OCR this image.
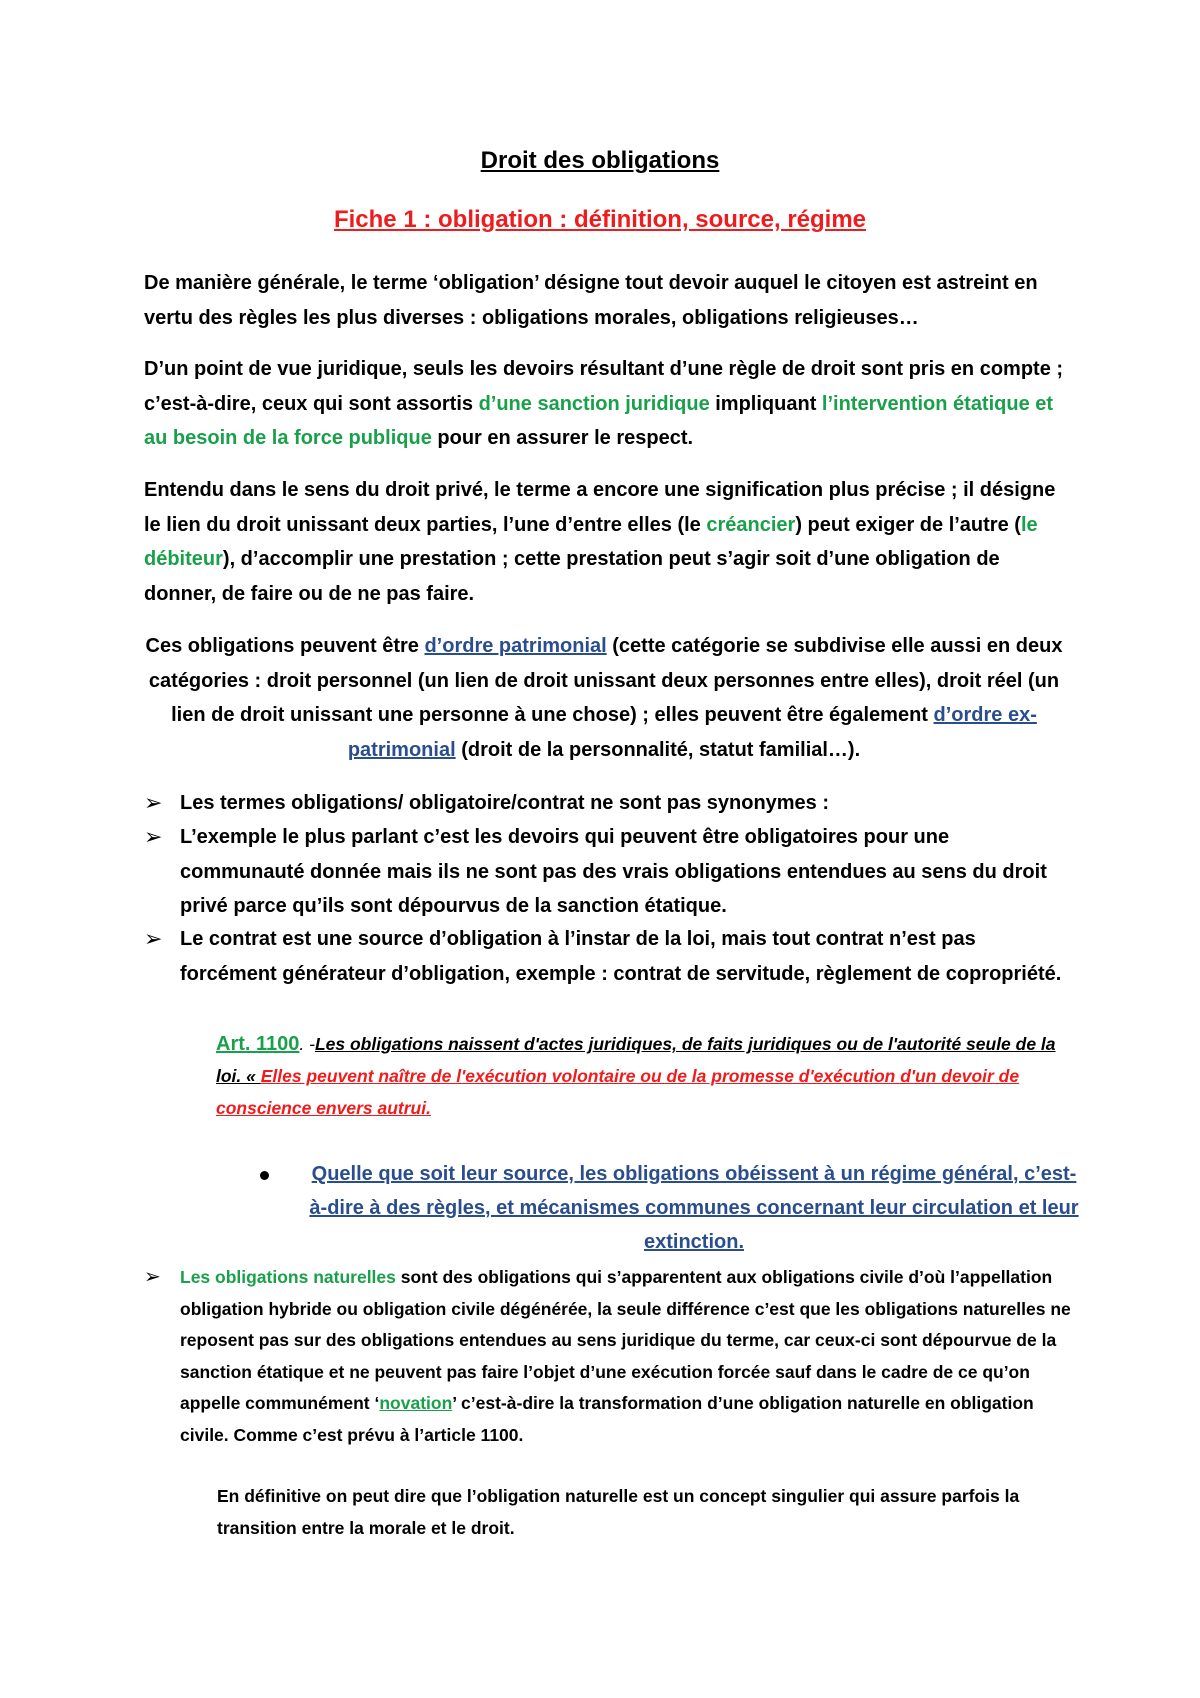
Droit des obligations
Fiche 1 : obligation : définition, source, régime
De manière générale, le terme ‘obligation’ désigne tout devoir auquel le citoyen est astreint en vertu des règles les plus diverses : obligations morales, obligations religieuses…
D’un point de vue juridique, seuls les devoirs résultant d’une règle de droit sont pris en compte ; c’est-à-dire, ceux qui sont assortis d’une sanction juridique impliquant l’intervention étatique et au besoin de la force publique pour en assurer le respect.
Entendu dans le sens du droit privé, le terme a encore une signification plus précise ; il désigne le lien du droit unissant deux parties, l’une d’entre elles (le créancier) peut exiger de l’autre (le débiteur), d’accomplir une prestation ; cette prestation peut s’agir soit d’une obligation de donner, de faire ou de ne pas faire.
Ces obligations peuvent être d’ordre patrimonial (cette catégorie se subdivise elle aussi en deux catégories : droit personnel (un lien de droit unissant deux personnes entre elles), droit réel (un lien de droit unissant une personne à une chose) ; elles peuvent être également d’ordre ex-patrimonial (droit de la personnalité, statut familial…).
➢ Les termes obligations/ obligatoire/contrat ne sont pas synonymes :
➢ L’exemple le plus parlant c’est les devoirs qui peuvent être obligatoires pour une communauté donnée mais ils ne sont pas des vrais obligations entendues au sens du droit privé parce qu’ils sont dépourvus de la sanction étatique.
➢ Le contrat est une source d’obligation à l’instar de la loi, mais tout contrat n’est pas forcément générateur d’obligation, exemple : contrat de servitude, règlement de copropriété.
Art. 1100. -Les obligations naissent d'actes juridiques, de faits juridiques ou de l'autorité seule de la loi. « Elles peuvent naître de l'exécution volontaire ou de la promesse d'exécution d'un devoir de conscience envers autrui.
Quelle que soit leur source, les obligations obéissent à un régime général, c’est-à-dire à des règles, et mécanismes communes concernant leur circulation et leur extinction.
➢	Les obligations naturelles sont des obligations qui s’apparentent aux obligations civile d’où l’appellation obligation hybride ou obligation civile dégénérée, la seule différence c’est que les obligations naturelles ne reposent pas sur des obligations entendues au sens juridique du terme, car ceux-ci sont dépourvue de la sanction étatique et ne peuvent pas faire l’objet d’une exécution forcée sauf dans le cadre de ce qu’on appelle communément ‘novation’ c’est-à-dire la transformation d’une obligation naturelle en obligation civile. Comme c’est prévu à l’article 1100.
En définitive on peut dire que l’obligation naturelle est un concept singulier qui assure parfois la transition entre la morale et le droit.
